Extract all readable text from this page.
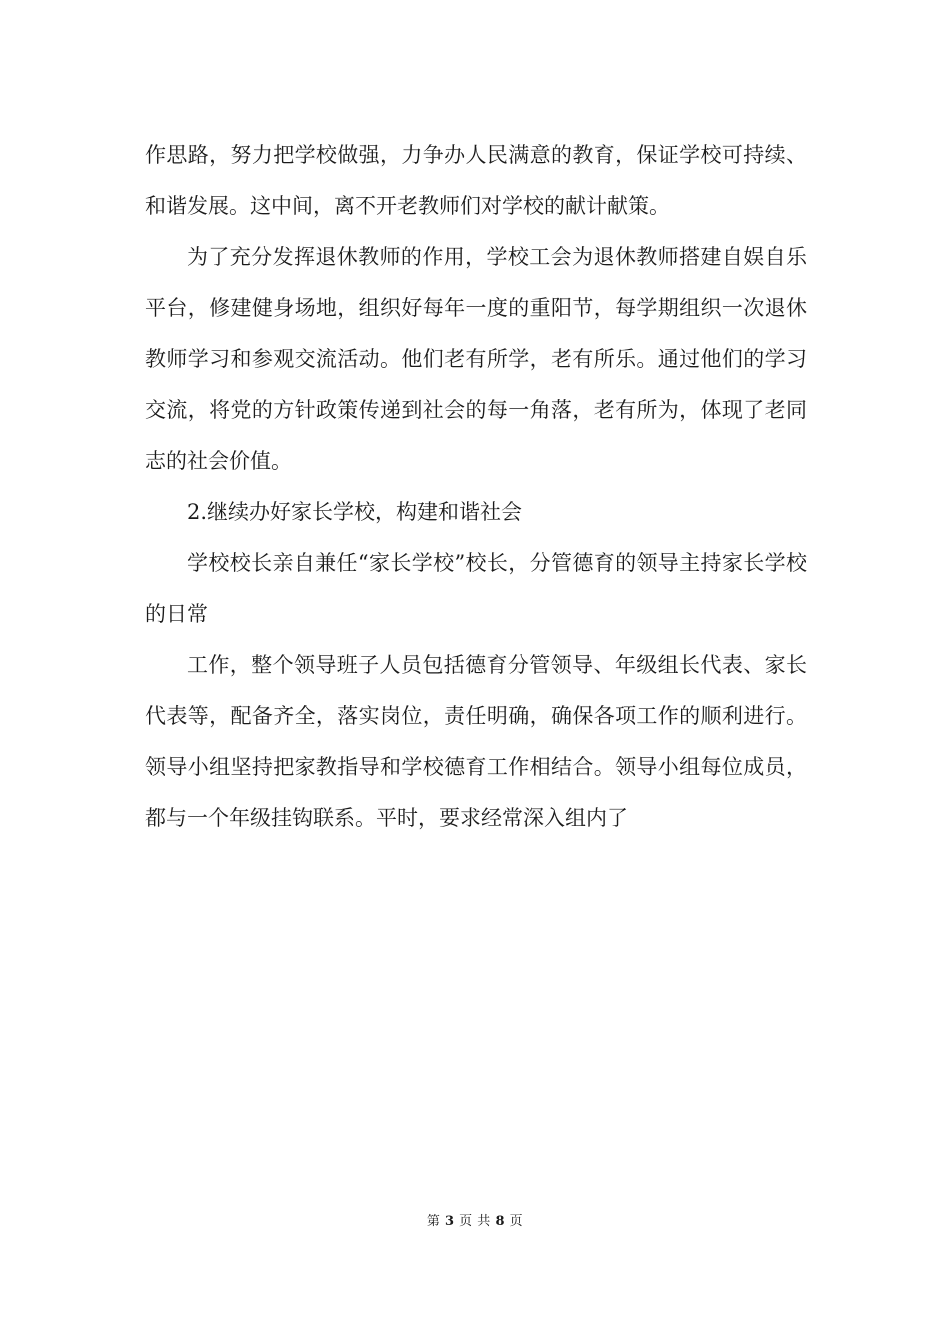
作思路，努力把学校做强，力争办人民满意的教育，保证学校可持续、和谐发展。这中间，离不开老教师们对学校的献计献策。

为了充分发挥退休教师的作用，学校工会为退休教师搭建自娱自乐平台，修建健身场地，组织好每年一度的重阳节，每学期组织一次退休教师学习和参观交流活动。他们老有所学，老有所乐。通过他们的学习交流，将党的方针政策传递到社会的每一角落，老有所为，体现了老同志的社会价值。

2.继续办好家长学校，构建和谐社会

学校校长亲自兼任“家长学校”校长，分管德育的领导主持家长学校的日常

工作，整个领导班子人员包括德育分管领导、年级组长代表、家长代表等，配备齐全，落实岗位，责任明确，确保各项工作的顺利进行。领导小组坚持把家教指导和学校德育工作相结合。领导小组每位成员，都与一个年级挂钩联系。平时，要求经常深入组内了

第 3 页 共 8 页
